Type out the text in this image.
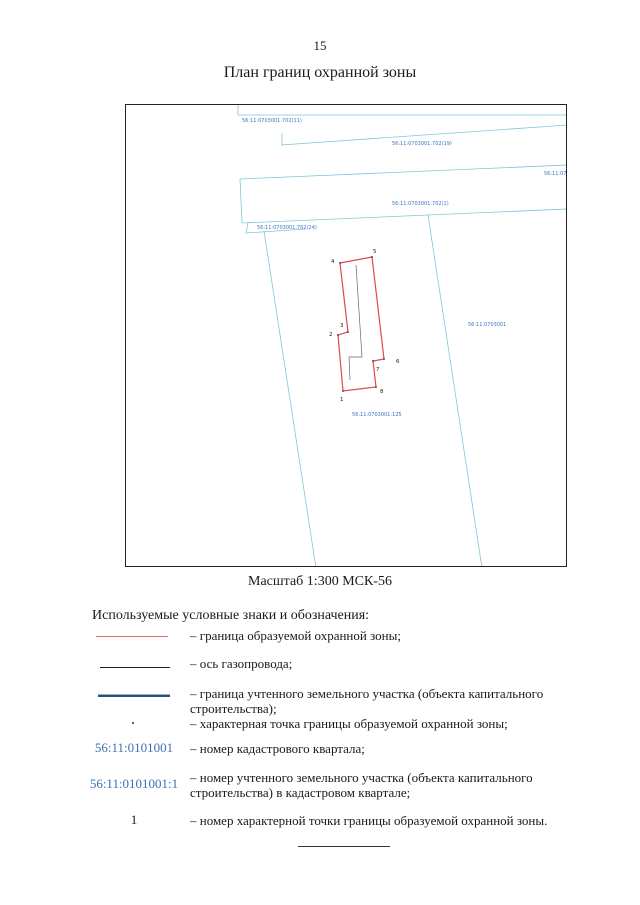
15
План границ охранной зоны
56:11:0703001:702(11)
56:11:0703001:702(19)
56:11:07
56:11:0703001:702(1)
56:11:0703001:702(24)
56:11:0703001
56:11:0703001:125
1
2
3
4
5
6
7
8
Масштаб 1:300 МСК-56
Используемые условные знаки и обозначения:
– граница образуемой охранной зоны;
– ось газопровода;
– граница учтенного земельного участка (объекта капитального строительства);
– характерная точка границы образуемой охранной зоны;
56:11:0101001	– номер кадастрового квартала;
56:11:0101001:1 – номер учтенного земельного участка (объекта капитального строительства) в кадастровом квартале;
1	– номер характерной точки границы образуемой охранной зоны.
